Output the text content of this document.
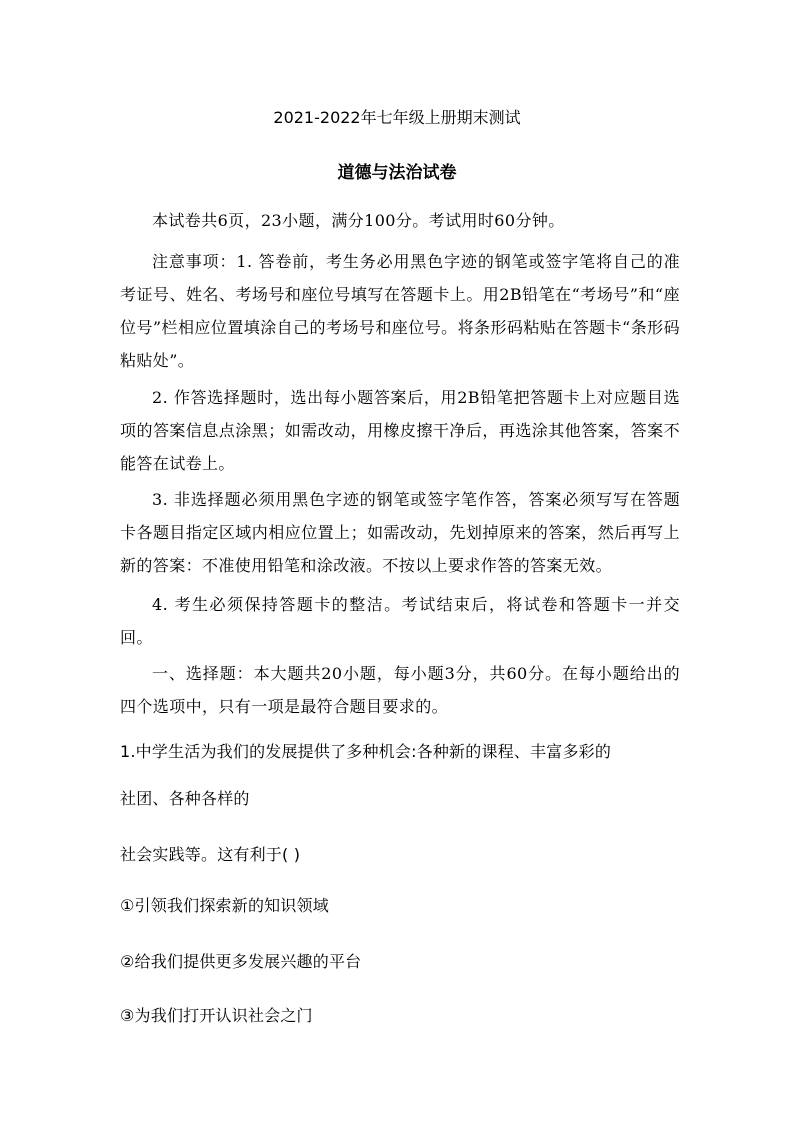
2021-2022年七年级上册期末测试
道德与法治试卷

本试卷共6页，23小题，满分100分。考试用时60分钟。

注意事项：1. 答卷前，考生务必用黑色字迹的钢笔或签字笔将自己的准考证号、姓名、考场号和座位号填写在答题卡上。用2B铅笔在“考场号”和“座位号”栏相应位置填涂自己的考场号和座位号。将条形码粘贴在答题卡“条形码粘贴处”。

2. 作答选择题时，选出每小题答案后，用2B铅笔把答题卡上对应题目选项的答案信息点涂黑；如需改动，用橡皮擦干净后，再选涂其他答案，答案不能答在试卷上。

3. 非选择题必须用黑色字迹的钢笔或签字笔作答，答案必须写写在答题卡各题目指定区域内相应位置上；如需改动，先划掉原来的答案，然后再写上新的答案：不准使用铅笔和涂改液。不按以上要求作答的答案无效。

4. 考生必须保持答题卡的整洁。考试结束后，将试卷和答题卡一并交回。

一、选择题：本大题共20小题，每小题3分，共60分。在每小题给出的四个选项中，只有一项是最符合题目要求的。

1.中学生活为我们的发展提供了多种机会:各种新的课程、丰富多彩的

社团、各种各样的

社会实践等。这有利于( )

①引领我们探索新的知识领域

②给我们提供更多发展兴趣的平台

③为我们打开认识社会之门
